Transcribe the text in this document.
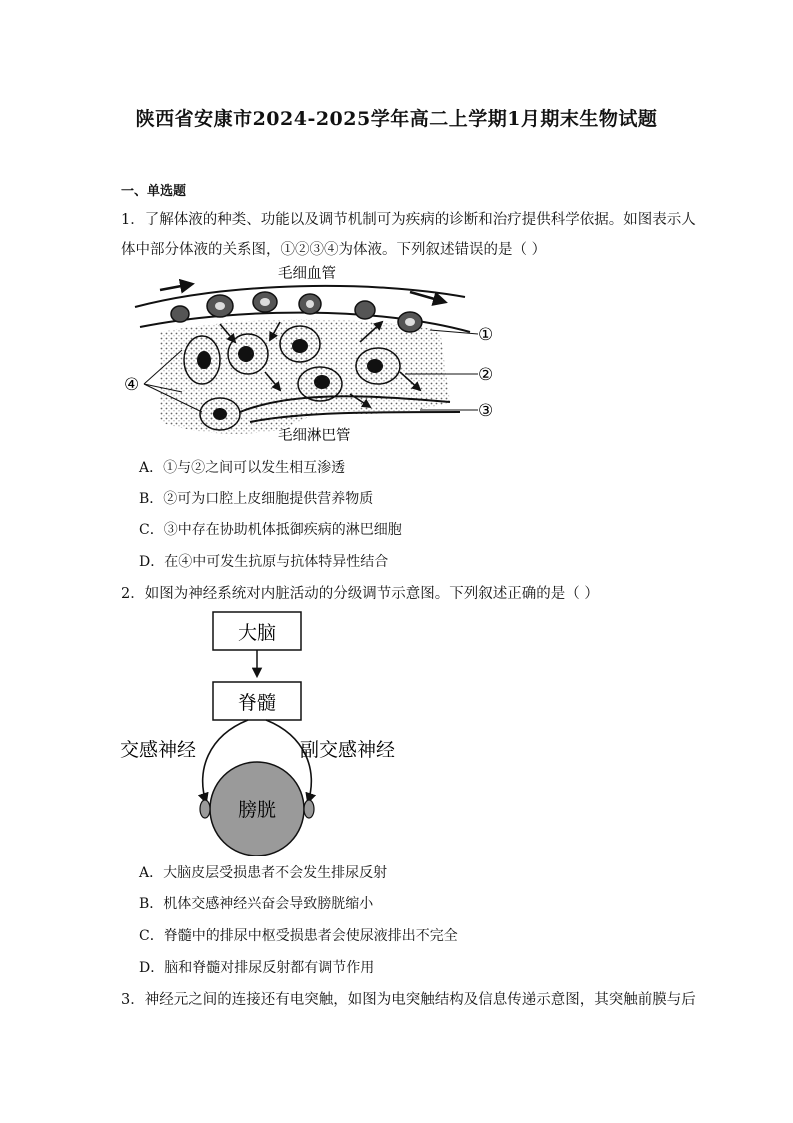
陕西省安康市2024-2025学年高二上学期1月期末生物试题
一、单选题
1．了解体液的种类、功能以及调节机制可为疾病的诊断和治疗提供科学依据。如图表示人
体中部分体液的关系图，①②③④为体液。下列叙述错误的是（ ）
毛细血管
毛细淋巴管
①
②
③
④
A．①与②之间可以发生相互渗透
B．②可为口腔上皮细胞提供营养物质
C．③中存在协助机体抵御疾病的淋巴细胞
D．在④中可发生抗原与抗体特异性结合
2．如图为神经系统对内脏活动的分级调节示意图。下列叙述正确的是（ ）
大脑
脊髓
交感神经	副交感神经
膀胱
A．大脑皮层受损患者不会发生排尿反射
B．机体交感神经兴奋会导致膀胱缩小
C．脊髓中的排尿中枢受损患者会使尿液排出不完全
D．脑和脊髓对排尿反射都有调节作用
3．神经元之间的连接还有电突触，如图为电突触结构及信息传递示意图，其突触前膜与后
